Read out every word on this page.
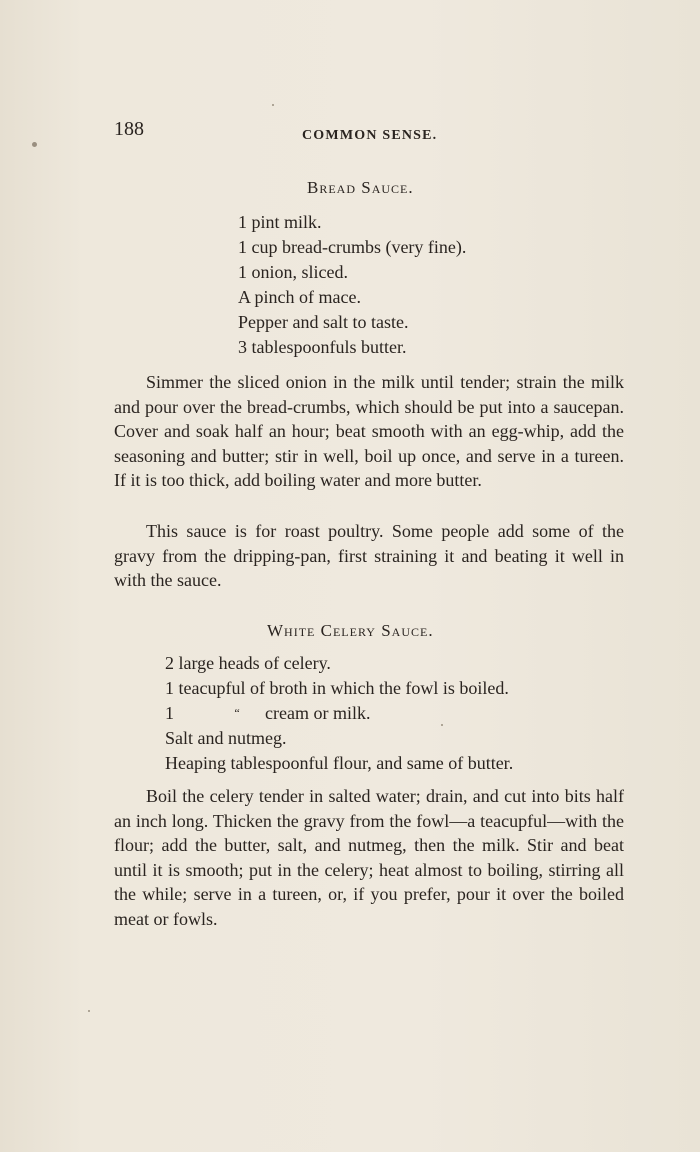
188	COMMON SENSE.
Bread Sauce.
1 pint milk.
1 cup bread-crumbs (very fine).
1 onion, sliced.
A pinch of mace.
Pepper and salt to taste.
3 tablespoonfuls butter.

Simmer the sliced onion in the milk until tender; strain the milk and pour over the bread-crumbs, which should be put into a saucepan. Cover and soak half an hour; beat smooth with an egg-whip, add the seasoning and butter; stir in well, boil up once, and serve in a tureen. If it is too thick, add boiling water and more butter.

This sauce is for roast poultry. Some people add some of the gravy from the dripping-pan, first straining it and beating it well in with the sauce.

White Celery Sauce.
2 large heads of celery.
1 teacupful of broth in which the fowl is boiled.
1	“ cream or milk.
Salt and nutmeg.
Heaping tablespoonful flour, and same of butter.

Boil the celery tender in salted water; drain, and cut into bits half an inch long. Thicken the gravy from the fowl—a teacupful—with the flour; add the butter, salt, and nutmeg, then the milk. Stir and beat until it is smooth; put in the celery; heat almost to boiling, stirring all the while; serve in a tureen, or, if you prefer, pour it over the boiled meat or fowls.
